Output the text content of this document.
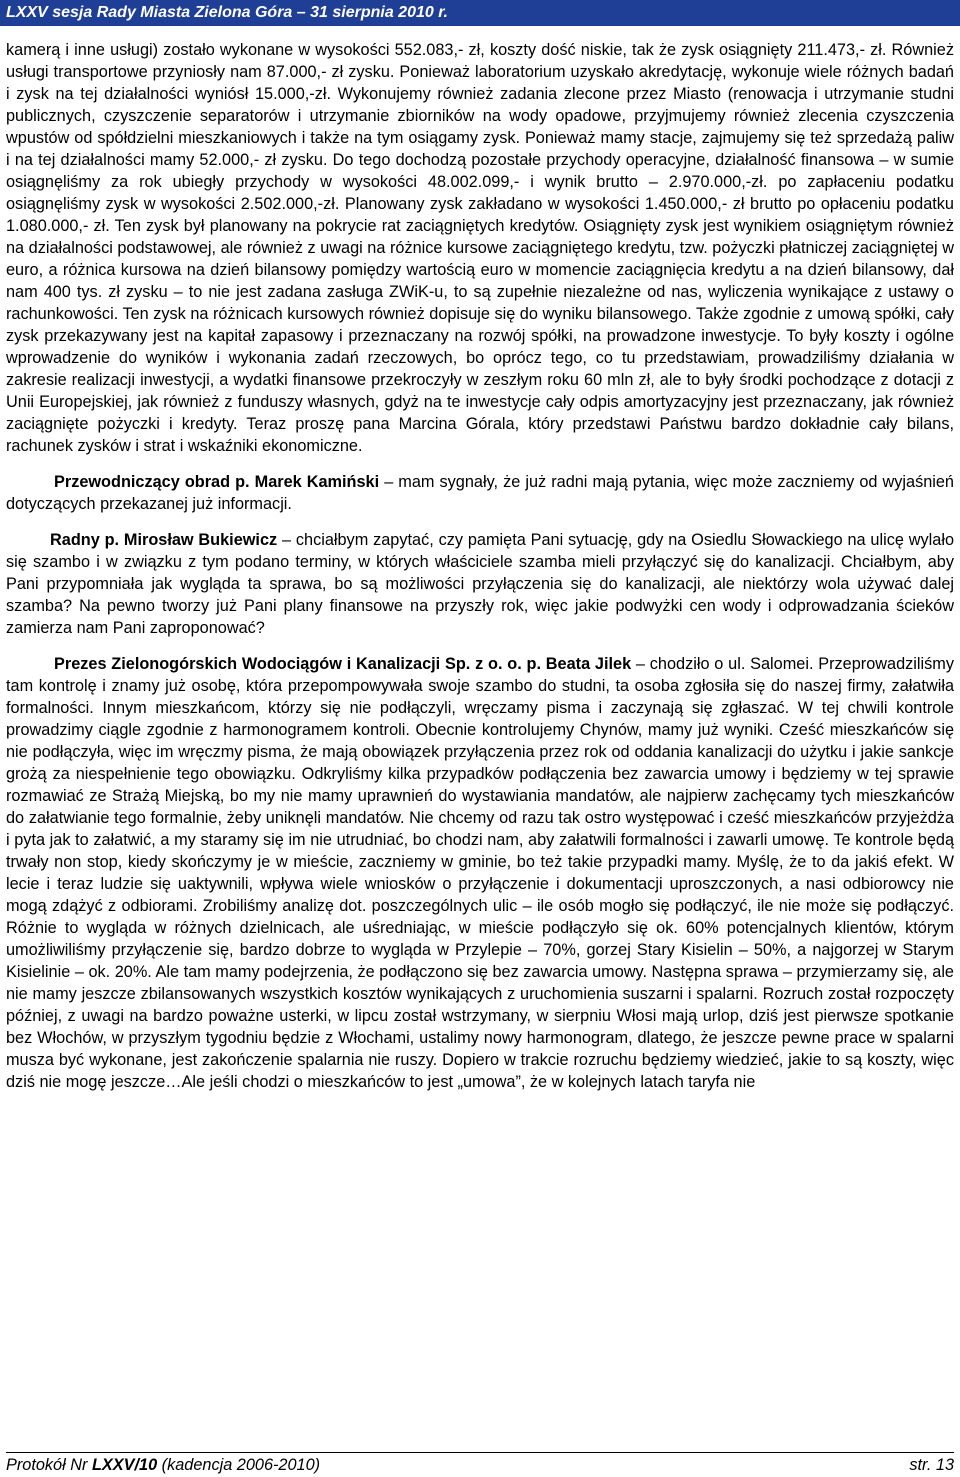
LXXV sesja Rady Miasta Zielona Góra – 31 sierpnia 2010 r.

kamerą i inne usługi) zostało wykonane w wysokości 552.083,- zł, koszty dość niskie, tak że zysk osiągnięty 211.473,- zł. Również usługi transportowe przyniosły nam 87.000,- zł zysku. Ponieważ laboratorium uzyskało akredytację, wykonuje wiele różnych badań i zysk na tej działalności wyniósł 15.000,-zł. Wykonujemy również zadania zlecone przez Miasto (renowacja i utrzymanie studni publicznych, czyszczenie separatorów i utrzymanie zbiorników na wody opadowe, przyjmujemy również zlecenia czyszczenia wpustów od spółdzielni mieszkaniowych i także na tym osiągamy zysk. Ponieważ mamy stacje, zajmujemy się też sprzedażą paliw i na tej działalności mamy 52.000,- zł zysku. Do tego dochodzą pozostałe przychody operacyjne, działalność finansowa – w sumie osiągnęliśmy za rok ubiegły przychody w wysokości 48.002.099,- i wynik brutto – 2.970.000,-zł. po zapłaceniu podatku osiągnęliśmy zysk w wysokości 2.502.000,-zł. Planowany zysk zakładano w wysokości 1.450.000,- zł brutto po opłaceniu podatku 1.080.000,- zł. Ten zysk był planowany na pokrycie rat zaciągniętych kredytów. Osiągnięty zysk jest wynikiem osiągniętym również na działalności podstawowej, ale również z uwagi na różnice kursowe zaciągniętego kredytu, tzw. pożyczki płatniczej zaciągniętej w euro, a różnica kursowa na dzień bilansowy pomiędzy wartością euro w momencie zaciągnięcia kredytu a na dzień bilansowy, dał nam 400 tys. zł zysku – to nie jest zadana zasługa ZWiK-u, to są zupełnie niezależne od nas, wyliczenia wynikające z ustawy o rachunkowości. Ten zysk na różnicach kursowych również dopisuje się do wyniku bilansowego. Także zgodnie z umową spółki, cały zysk przekazywany jest na kapitał zapasowy i przeznaczany na rozwój spółki, na prowadzone inwestycje. To były koszty i ogólne wprowadzenie do wyników i wykonania zadań rzeczowych, bo oprócz tego, co tu przedstawiam, prowadziliśmy działania w zakresie realizacji inwestycji, a wydatki finansowe przekroczyły w zeszłym roku 60 mln zł, ale to były środki pochodzące z dotacji z Unii Europejskiej, jak również z funduszy własnych, gdyż na te inwestycje cały odpis amortyzacyjny jest przeznaczany, jak również zaciągnięte pożyczki i kredyty. Teraz proszę pana Marcina Górala, który przedstawi Państwu bardzo dokładnie cały bilans, rachunek zysków i strat i wskaźniki ekonomiczne.

Przewodniczący obrad p. Marek Kamiński – mam sygnały, że już radni mają pytania, więc może zaczniemy od wyjaśnień dotyczących przekazanej już informacji.

Radny p. Mirosław Bukiewicz – chciałbym zapytać, czy pamięta Pani sytuację, gdy na Osiedlu Słowackiego na ulicę wylało się szambo i w związku z tym podano terminy, w których właściciele szamba mieli przyłączyć się do kanalizacji. Chciałbym, aby Pani przypomniała jak wygląda ta sprawa, bo są możliwości przyłączenia się do kanalizacji, ale niektórzy wola używać dalej szamba? Na pewno tworzy już Pani plany finansowe na przyszły rok, więc jakie podwyżki cen wody i odprowadzania ścieków zamierza nam Pani zaproponować?

Prezes Zielonogórskich Wodociągów i Kanalizacji Sp. z o. o. p. Beata Jilek – chodziło o ul. Salomei. Przeprowadziliśmy tam kontrolę i znamy już osobę, która przepompowywała swoje szambo do studni, ta osoba zgłosiła się do naszej firmy, załatwiła formalności. Innym mieszkańcom, którzy się nie podłączyli, wręczamy pisma i zaczynają się zgłaszać. W tej chwili kontrole prowadzimy ciągle zgodnie z harmonogramem kontroli. Obecnie kontrolujemy Chynów, mamy już wyniki. Cześć mieszkańców się nie podłączyła, więc im wręczmy pisma, że mają obowiązek przyłączenia przez rok od oddania kanalizacji do użytku i jakie sankcje grożą za niespełnienie tego obowiązku. Odkryliśmy kilka przypadków podłączenia bez zawarcia umowy i będziemy w tej sprawie rozmawiać ze Strażą Miejską, bo my nie mamy uprawnień do wystawiania mandatów, ale najpierw zachęcamy tych mieszkańców do załatwianie tego formalnie, żeby uniknęli mandatów. Nie chcemy od razu tak ostro występować i cześć mieszkańców przyjeżdża i pyta jak to załatwić, a my staramy się im nie utrudniać, bo chodzi nam, aby załatwili formalności i zawarli umowę. Te kontrole będą trwały non stop, kiedy skończymy je w mieście, zaczniemy w gminie, bo też takie przypadki mamy. Myślę, że to da jakiś efekt. W lecie i teraz ludzie się uaktywnili, wpływa wiele wniosków o przyłączenie i dokumentacji uproszczonych, a nasi odbiorowcy nie mogą zdążyć z odbiorami. Zrobiliśmy analizę dot. poszczególnych ulic – ile osób mogło się podłączyć, ile nie może się podłączyć. Różnie to wygląda w różnych dzielnicach, ale uśredniając, w mieście podłączyło się ok. 60% potencjalnych klientów, którym umożliwiliśmy przyłączenie się, bardzo dobrze to wygląda w Przylepie – 70%, gorzej Stary Kisielin – 50%, a najgorzej w Starym Kisielinie – ok. 20%. Ale tam mamy podejrzenia, że podłączono się bez zawarcia umowy. Następna sprawa – przymierzamy się, ale nie mamy jeszcze zbilansowanych wszystkich kosztów wynikających z uruchomienia suszarni i spalarni. Rozruch został rozpoczęty później, z uwagi na bardzo poważne usterki, w lipcu został wstrzymany, w sierpniu Włosi mają urlop, dziś jest pierwsze spotkanie bez Włochów, w przyszłym tygodniu będzie z Włochami, ustalimy nowy harmonogram, dlatego, że jeszcze pewne prace w spalarni musza być wykonane, jest zakończenie spalarnia nie ruszy. Dopiero w trakcie rozruchu będziemy wiedzieć, jakie to są koszty, więc dziś nie mogę jeszcze…Ale jeśli chodzi o mieszkańców to jest „umowa”, że w kolejnych latach taryfa nie

Protokół Nr LXXV/10 (kadencja 2006-2010)	str. 13
